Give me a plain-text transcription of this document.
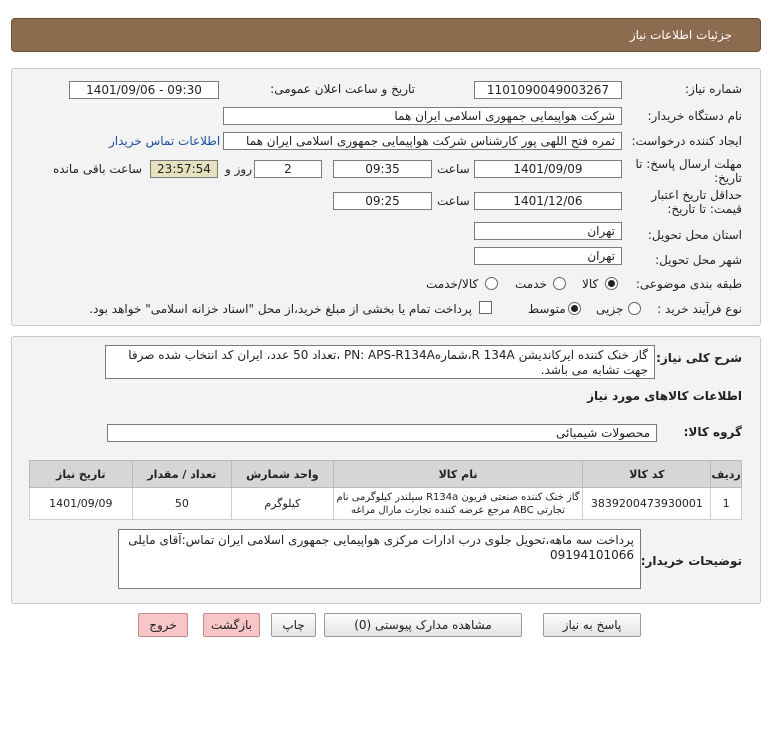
جزئیات اطلاعات نیاز
شماره نیاز:
1101090049003267
تاریخ و ساعت اعلان عمومی:
1401/09/06 - 09:30
نام دستگاه خریدار:
شرکت هواپیمایی جمهوری اسلامی ایران هما
ایجاد کننده درخواست:
ثمره فتح اللهی پور کارشناس شرکت هواپیمایی جمهوری اسلامی ایران هما
اطلاعات تماس خریدار
مهلت ارسال پاسخ: تا
تاریخ:
1401/09/09
ساعت
09:35
2
روز و
23:57:54
ساعت باقی مانده
حداقل تاریخ اعتبار
قیمت: تا تاریخ:
1401/12/06
ساعت
09:25
استان محل تحویل:
تهران
شهر محل تحویل:
تهران
طبقه بندی موضوعی:
کالا
خدمت
کالا/خدمت
نوع فرآیند خرید :
جزیی
متوسط
پرداخت تمام یا بخشی از مبلغ خرید،از محل "اسناد خزانه اسلامی" خواهد بود.
شرح کلی نیاز:
گاز خنک کننده ایرکاندیشن R 134A،شمارهPN: APS-R134A ،تعداد 50 عدد، ایران کد انتخاب شده صرفا جهت تشابه می باشد.
اطلاعات کالاهای مورد نیاز
گروه کالا:
محصولات شیمیائی
ردیف	کد کالا	نام کالا	واحد شمارش	تعداد / مقدار	تاریخ نیاز
1	3839200473930001	گاز خنک کننده صنعتی فریون R134a سیلندر کیلوگرمی نام
تجارتی ABC مرجع عرضه کننده تجارت مارال مراغه	کیلوگرم	50	1401/09/09
توضیحات خریدار:
پرداخت سه ماهه،تحویل جلوی درب ادارات مرکزی هواپیمایی جمهوری اسلامی ایران تماس:آقای مایلی 09194101066
پاسخ به نیاز
مشاهده مدارک پیوستی (0)
چاپ
بازگشت
خروج
